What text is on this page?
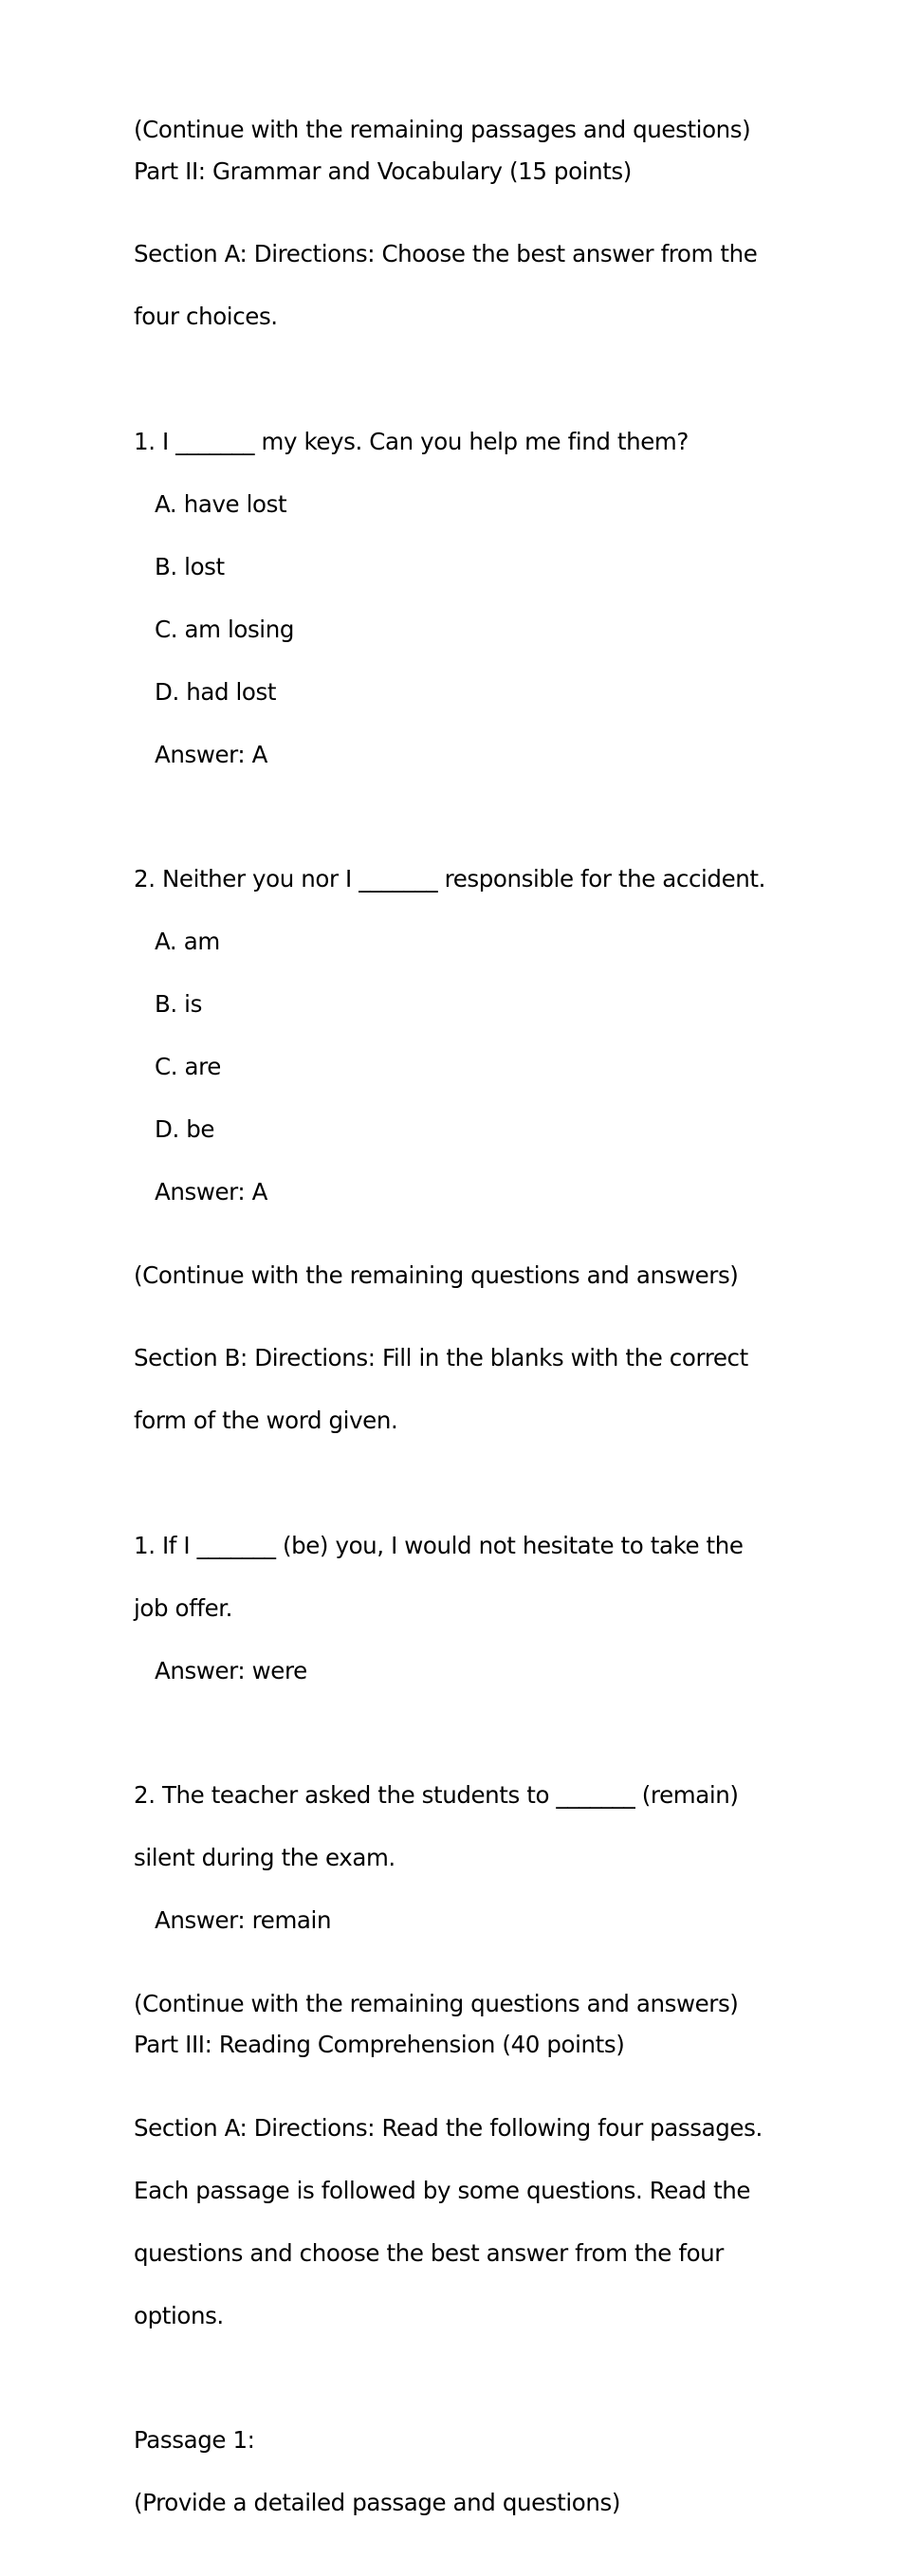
(Continue with the remaining passages and questions)

Part II: Grammar and Vocabulary (15 points)

Section A: Directions: Choose the best answer from the

four choices.

1. I _______ my keys. Can you help me find them?

A. have lost

B. lost

C. am losing

D. had lost

Answer: A

2. Neither you nor I _______ responsible for the accident.

A. am

B. is

C. are

D. be

Answer: A

(Continue with the remaining questions and answers)

Section B: Directions: Fill in the blanks with the correct

form of the word given.

1. If I _______ (be) you, I would not hesitate to take the

job offer.

Answer: were

2. The teacher asked the students to _______ (remain)

silent during the exam.

Answer: remain

(Continue with the remaining questions and answers)

Part III: Reading Comprehension (40 points)

Section A: Directions: Read the following four passages.

Each passage is followed by some questions. Read the

questions and choose the best answer from the four

options.

Passage 1:

(Provide a detailed passage and questions)
